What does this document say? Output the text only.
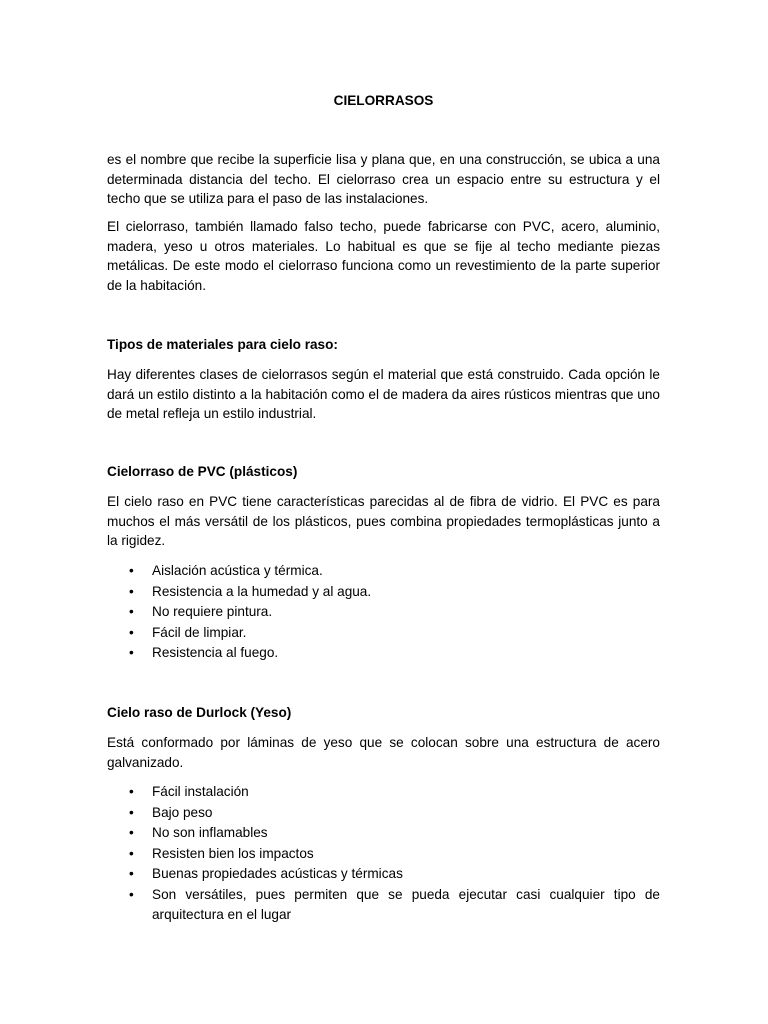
CIELORRASOS

es el nombre que recibe la superficie lisa y plana que, en una construcción, se ubica a una determinada distancia del techo. El cielorraso crea un espacio entre su estructura y el techo que se utiliza para el paso de las instalaciones.

El cielorraso, también llamado falso techo, puede fabricarse con PVC, acero, aluminio, madera, yeso u otros materiales. Lo habitual es que se fije al techo mediante piezas metálicas. De este modo el cielorraso funciona como un revestimiento de la parte superior de la habitación.

Tipos de materiales para cielo raso:

Hay diferentes clases de cielorrasos según el material que está construido. Cada opción le dará un estilo distinto a la habitación como el de madera da aires rústicos mientras que uno de metal refleja un estilo industrial.

Cielorraso de PVC (plásticos)

El cielo raso en PVC tiene características parecidas al de fibra de vidrio. El PVC es para muchos el más versátil de los plásticos, pues combina propiedades termoplásticas junto a la rigidez.

• Aislación acústica y térmica.
• Resistencia a la humedad y al agua.
• No requiere pintura.
• Fácil de limpiar.
• Resistencia al fuego.
Cielo raso de Durlock (Yeso)

Está conformado por láminas de yeso que se colocan sobre una estructura de acero galvanizado.

• Fácil instalación
• Bajo peso
• No son inflamables
• Resisten bien los impactos
• Buenas propiedades acústicas y térmicas
• Son versátiles, pues permiten que se pueda ejecutar casi cualquier tipo de arquitectura en el lugar
